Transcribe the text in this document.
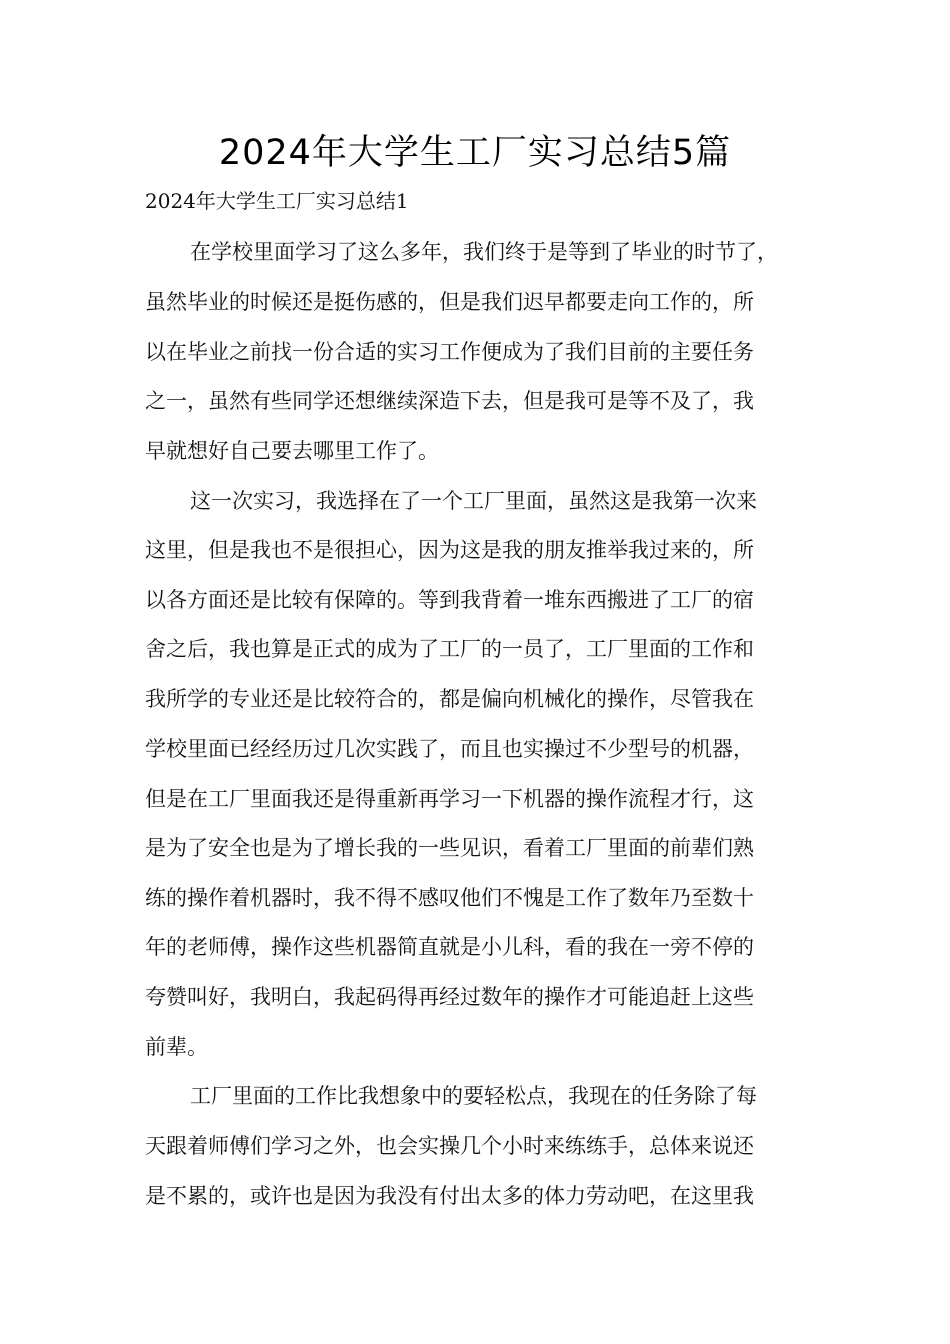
2024年大学生工厂实习总结5篇
2024年大学生工厂实习总结1
在学校里面学习了这么多年，我们终于是等到了毕业的时节了，
虽然毕业的时候还是挺伤感的，但是我们迟早都要走向工作的，所
以在毕业之前找一份合适的实习工作便成为了我们目前的主要任务
之一，虽然有些同学还想继续深造下去，但是我可是等不及了，我
早就想好自己要去哪里工作了。
这一次实习，我选择在了一个工厂里面，虽然这是我第一次来
这里，但是我也不是很担心，因为这是我的朋友推举我过来的，所
以各方面还是比较有保障的。等到我背着一堆东西搬进了工厂的宿
舍之后，我也算是正式的成为了工厂的一员了，工厂里面的工作和
我所学的专业还是比较符合的，都是偏向机械化的操作，尽管我在
学校里面已经经历过几次实践了，而且也实操过不少型号的机器，
但是在工厂里面我还是得重新再学习一下机器的操作流程才行，这
是为了安全也是为了增长我的一些见识，看着工厂里面的前辈们熟
练的操作着机器时，我不得不感叹他们不愧是工作了数年乃至数十
年的老师傅，操作这些机器简直就是小儿科，看的我在一旁不停的
夸赞叫好，我明白，我起码得再经过数年的操作才可能追赶上这些
前辈。
工厂里面的工作比我想象中的要轻松点，我现在的任务除了每
天跟着师傅们学习之外，也会实操几个小时来练练手，总体来说还
是不累的，或许也是因为我没有付出太多的体力劳动吧，在这里我
